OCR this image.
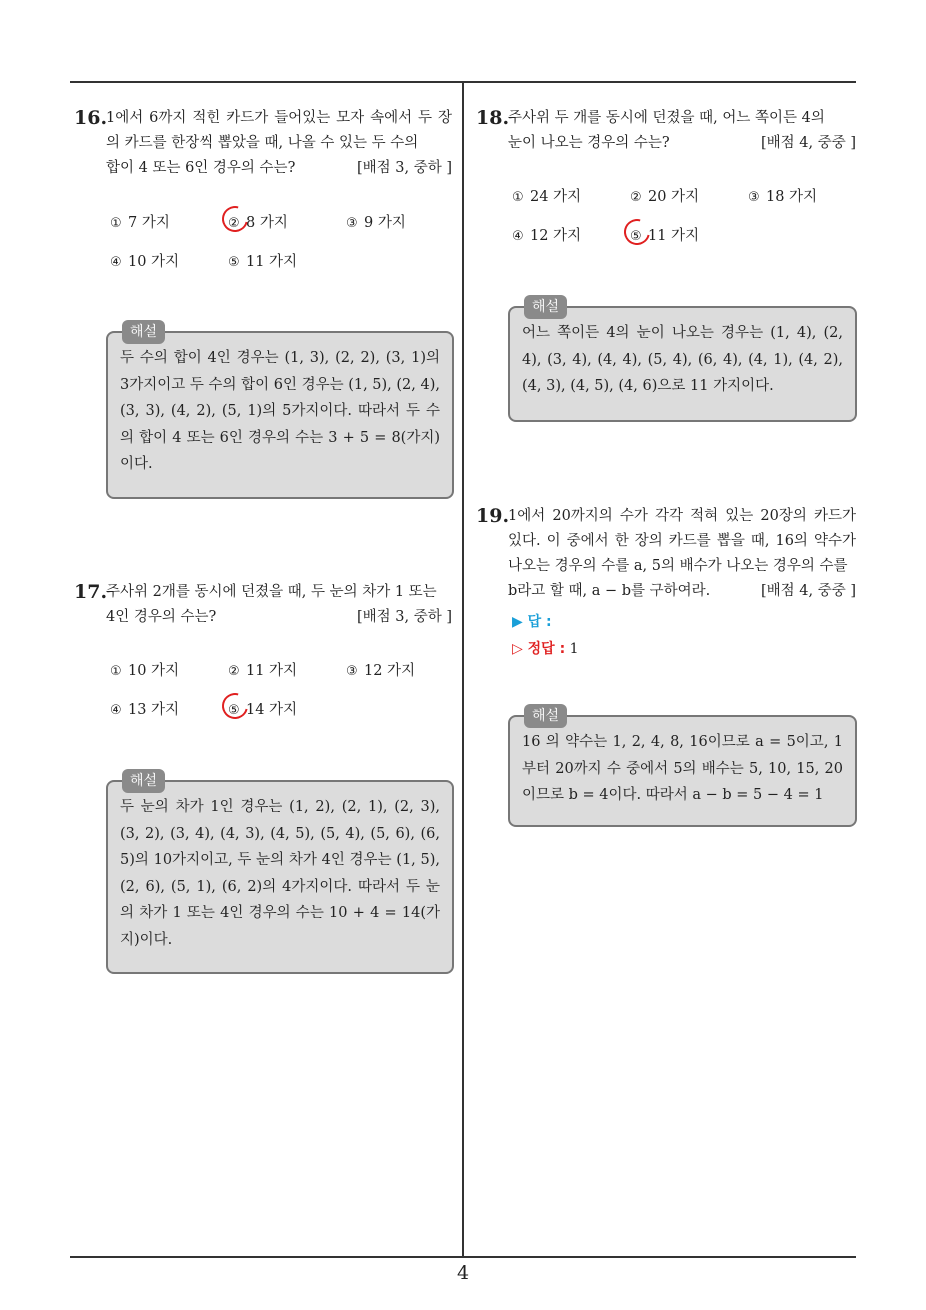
16.
1에서 6까지 적힌 카드가 들어있는 모자 속에서 두 장의 카드를 한장씩 뽑았을 때, 나올 수 있는 두 수의
합이 4 또는 6인 경우의 수는?	[배점 3, 중하 ]
① 7 가지	② 8 가지	③ 9 가지
④ 10 가지	⑤ 11 가지
해설
두 수의 합이 4인 경우는 (1, 3), (2, 2), (3, 1)의 3가지이고 두 수의 합이 6인 경우는 (1, 5), (2, 4), (3, 3), (4, 2), (5, 1)의 5가지이다. 따라서 두 수의 합이 4 또는 6인 경우의 수는 3 + 5 = 8(가지)이다.
17.
주사위 2개를 동시에 던졌을 때, 두 눈의 차가 1 또는
4인 경우의 수는?	[배점 3, 중하 ]
① 10 가지	② 11 가지	③ 12 가지
④ 13 가지	⑤ 14 가지
해설
두 눈의 차가 1인 경우는 (1, 2), (2, 1), (2, 3), (3, 2), (3, 4), (4, 3), (4, 5), (5, 4), (5, 6), (6, 5)의 10가지이고, 두 눈의 차가 4인 경우는 (1, 5), (2, 6), (5, 1), (6, 2)의 4가지이다. 따라서 두 눈의 차가 1 또는 4인 경우의 수는 10 + 4 = 14(가지)이다.
18.
주사위 두 개를 동시에 던졌을 때, 어느 쪽이든 4의
눈이 나오는 경우의 수는?	[배점 4, 중중 ]
① 24 가지	② 20 가지	③ 18 가지
④ 12 가지	⑤ 11 가지
해설
어느 쪽이든 4의 눈이 나오는 경우는 (1, 4), (2, 4), (3, 4), (4, 4), (5, 4), (6, 4), (4, 1), (4, 2), (4, 3), (4, 5), (4, 6)으로 11 가지이다.
19.
1에서 20까지의 수가 각각 적혀 있는 20장의 카드가 있다. 이 중에서 한 장의 카드를 뽑을 때, 16의 약수가 나오는 경우의 수를 a, 5의 배수가 나오는 경우의 수를
b라고 할 때, a − b를 구하여라.	[배점 4, 중중 ]
▶ 답 :
▷ 정답 : 1
해설
16 의 약수는 1, 2, 4, 8, 16이므로 a = 5이고, 1부터 20까지 수 중에서 5의 배수는 5, 10, 15, 20 이므로 b = 4이다. 따라서 a − b = 5 − 4 = 1
4
